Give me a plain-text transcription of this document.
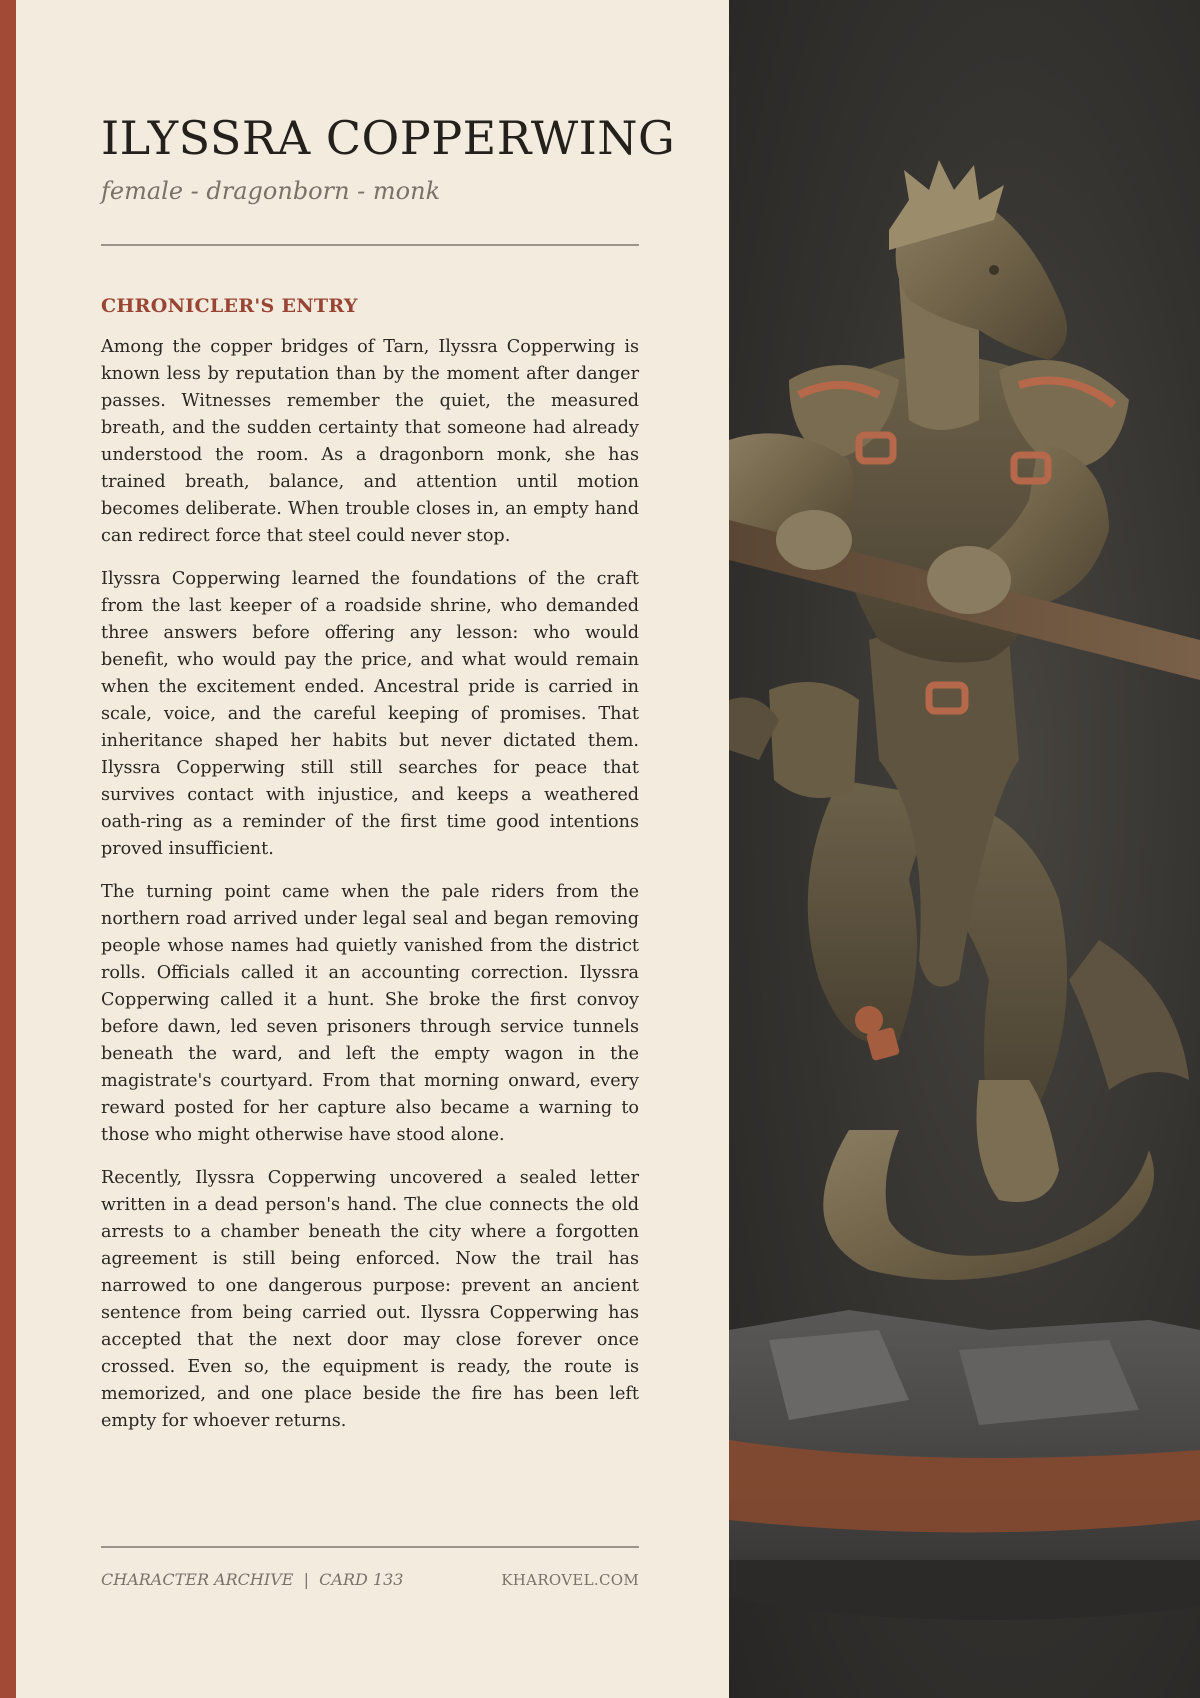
ILYSSRA COPPERWING
female - dragonborn - monk
CHRONICLER'S ENTRY

Among the copper bridges of Tarn, Ilyssra Copperwing is known less by reputation than by the moment after danger passes. Witnesses remember the quiet, the measured breath, and the sudden certainty that someone had already understood the room. As a dragonborn monk, she has trained breath, balance, and attention until motion becomes deliberate. When trouble closes in, an empty hand can redirect force that steel could never stop.

Ilyssra Copperwing learned the foundations of the craft from the last keeper of a roadside shrine, who demanded three answers before offering any lesson: who would benefit, who would pay the price, and what would remain when the excitement ended. Ancestral pride is carried in scale, voice, and the careful keeping of promises. That inheritance shaped her habits but never dictated them. Ilyssra Copperwing still still searches for peace that survives contact with injustice, and keeps a weathered oath-ring as a reminder of the first time good intentions proved insufficient.

The turning point came when the pale riders from the northern road arrived under legal seal and began removing people whose names had quietly vanished from the district rolls. Officials called it an accounting correction. Ilyssra Copperwing called it a hunt. She broke the first convoy before dawn, led seven prisoners through service tunnels beneath the ward, and left the empty wagon in the magistrate's courtyard. From that morning onward, every reward posted for her capture also became a warning to those who might otherwise have stood alone.

Recently, Ilyssra Copperwing uncovered a sealed letter written in a dead person's hand. The clue connects the old arrests to a chamber beneath the city where a forgotten agreement is still being enforced. Now the trail has narrowed to one dangerous purpose: prevent an ancient sentence from being carried out. Ilyssra Copperwing has accepted that the next door may close forever once crossed. Even so, the equipment is ready, the route is memorized, and one place beside the fire has been left empty for whoever returns.

CHARACTER ARCHIVE  |  CARD 133	KHAROVEL.COM
